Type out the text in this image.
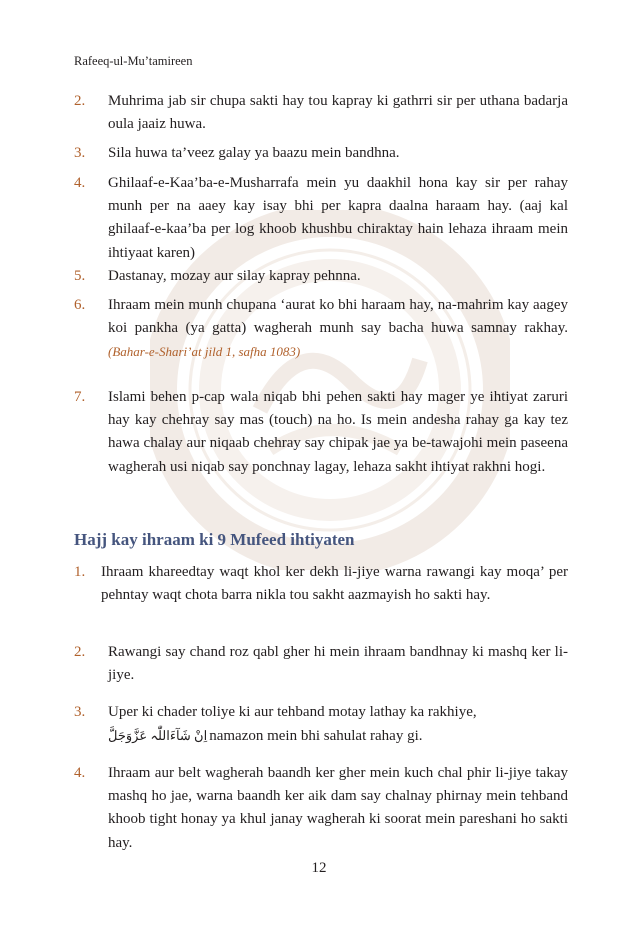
Rafeeq-ul-Mu’tamireen
2. Muhrima jab sir chupa sakti hay tou kapray ki gathrri sir per uthana badarja oula jaaiz huwa.
3. Sila huwa ta’veez galay ya baazu mein bandhna.
4. Ghilaaf-e-Kaa’ba-e-Musharrafa mein yu daakhil hona kay sir per rahay munh per na aaey kay isay bhi per kapra daalna haraam hay. (aaj kal ghilaaf-e-kaa’ba per log khoob khushbu chiraktay hain lehaza ihraam mein ihtiyaat karen)
5. Dastanay, mozay aur silay kapray pehnna.
6. Ihraam mein munh chupana ‘aurat ko bhi haraam hay, na-mahrim kay aagey koi pankha (ya gatta) wagherah munh say bacha huwa samnay rakhay. (Bahar-e-Shari’at jild 1, safha 1083)
7. Islami behen p-cap wala niqab bhi pehen sakti hay mager ye ihtiyat zaruri hay kay chehray say mas (touch) na ho. Is mein andesha rahay ga kay tez hawa chalay aur niqaab chehray say chipak jae ya be-tawajohi mein paseena wagherah usi niqab say ponchnay lagay, lehaza sakht ihtiyat rakhni hogi.
Hajj kay ihraam ki 9 Mufeed ihtiyaten
1. Ihraam khareedtay waqt khol ker dekh li-jiye warna rawangi kay moqa’ per pehntay waqt chota barra nikla tou sakht aazmayish ho sakti hay.
2. Rawangi say chand roz qabl gher hi mein ihraam bandhnay ki mashq ker li-jiye.
3. Uper ki chader toliye ki aur tehband motay lathay ka rakhiye,
اِنْ شَآءَاللّٰہ عَزَّوَجَلَّ namazon mein bhi sahulat rahay gi.
4. Ihraam aur belt wagherah baandh ker gher mein kuch chal phir li-jiye takay mashq ho jae, warna baandh ker aik dam say chalnay phirnay mein tehband khoob tight honay ya khul janay wagherah ki soorat mein pareshani ho sakti hay.
12
